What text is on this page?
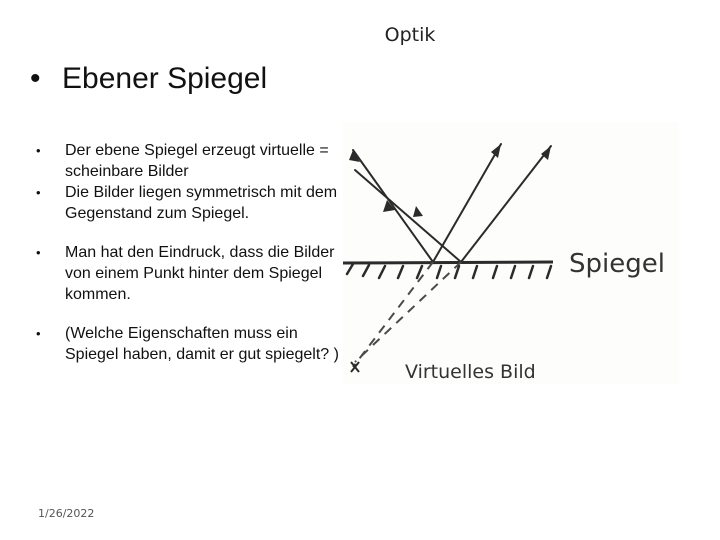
Optik
• Ebener Spiegel
• Der ebene Spiegel erzeugt virtuelle = scheinbare Bilder
• Die Bilder liegen symmetrisch mit dem Gegenstand zum Spiegel.
• Man hat den Eindruck, dass die Bilder von einem Punkt hinter dem Spiegel kommen.
• (Welche Eigenschaften muss ein Spiegel haben, damit er gut spiegelt? )
Spiegel
Virtuelles Bild
1/26/2022
